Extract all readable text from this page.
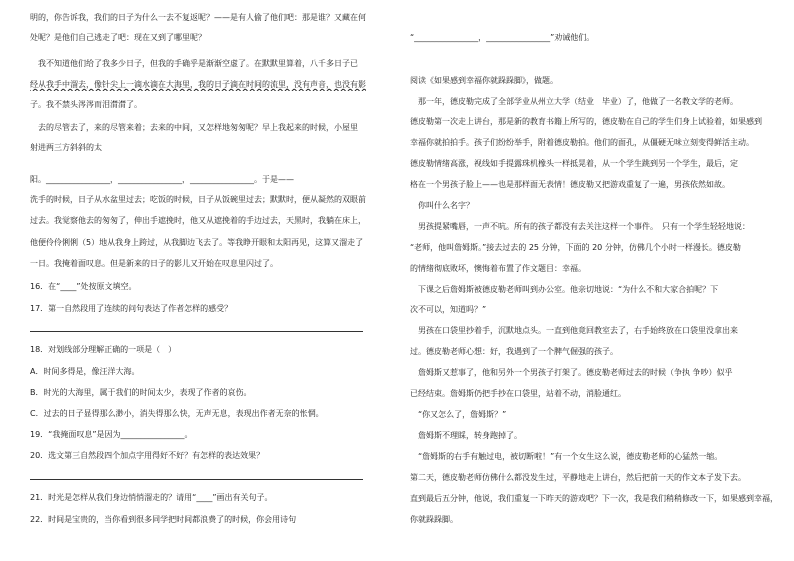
明的，你告诉我，我们的日子为什么一去不复返呢？——是有人偷了他们吧：那是谁？又藏在何
处呢？是他们自己逃走了吧：现在又到了哪里呢？
　我不知道他们给了我多少日子，但我的手确乎是渐渐空虚了。在默默里算着，八千多日子已
经从我手中溜去，像针尖上一滴水滴在大海里，我的日子滴在时间的流里，没有声音，也没有影
子。我不禁头涔涔而泪潸潸了。
　去的尽管去了，来的尽管来着；去来的中间，又怎样地匆匆呢？早上我起来的时候，小屋里
射进两三方斜斜的太
阳。________________，________________，________________。于是——
洗手的时候，日子从水盆里过去；吃饭的时候，日子从饭碗里过去；默默时，便从凝然的双眼前
过去。我觉察他去的匆匆了，伸出手遮挽时，他又从遮挽着的手边过去，天黑时，我躺在床上，
他便伶伶俐俐（5）地从我身上跨过，从我脚边飞去了。等我睁开眼和太阳再见，这算又溜走了
一日。我掩着面叹息。但是新来的日子的影儿又开始在叹息里闪过了。
16．在“____”处按原文填空。
17．第一自然段用了连续的问句表达了作者怎样的感受？
18．对划线部分理解正确的一项是（　）
A．时间多得是，像汪洋大海。
B．时光的大海里，属于我们的时间太少，表现了作者的哀伤。
C．过去的日子显得那么渺小，消失得那么快，无声无息，表现出作者无奈的怅惘。
19．“我掩面叹息”是因为________________。
20．选文第三自然段四个加点字用得好不好？有怎样的表达效果？
21．时光是怎样从我们身边悄悄溜走的？请用“____”画出有关句子。
22．时间是宝贵的，当你看到很多同学把时间都浪费了的时候，你会用诗句
“________________，________________”劝诫他们。
阅读《如果感到幸福你就跺跺脚》，做题。
　那一年，德皮勒完成了全部学业从州立大学（结业　毕业）了，他做了一名教文学的老师。
德皮勒第一次走上讲台，那是新的教育书籍上所写的，德皮勒在自己的学生们身上试验着，如果感到
幸福你就拍拍手。孩子们纷纷举手，附着德皮勒拍。他们的面孔，从僵硬无味立刻变得鲜活主动。
德皮勒情绪高涨，视线如手提露珠机橡头一样抵晃着，从一个学生跳到另一个学生，最后，定
格在一个男孩子脸上——也是那样面无表情！德皮勒又把游戏重复了一遍，男孩依然如故。
　你叫什么名字？
　男孩提紧嘴唇，一声不吭。所有的孩子都没有去关注这样一个事件。　只有一个学生轻轻地说：
“老师，他叫詹姆斯。”接去过去的 25 分钟，下面的 20 分钟，仿佛几个小时一样漫长。德皮勒
的情绪彻底败坏，懊悔着布置了作文题目：幸福。
　下课之后詹姆斯被德皮勒老师叫到办公室。他亲切地说：“为什么不和大家合拍呢？下
次不可以，知道吗？”
　男孩在口袋里抄着手，沉默地点头。一直到他竟回教室去了，右手始终放在口袋里没拿出来
过。德皮勒老师心想：好，我遇到了一个脾气倔强的孩子。
　詹姆斯又惹事了，他和另外一个男孩子打架了。德皮勒老师过去的时候（争执 争吵）似乎
已经结束。詹姆斯仍把手抄在口袋里，站着不动，消脸通红。
　“你又怎么了，詹姆斯？”
　詹姆斯不理睬，转身跑掉了。
　“詹姆斯的右手有触过电，被切断啦！”有一个女生这么说，德皮勒老师的心猛然一缩。
第二天，德皮勒老师仿佛什么都没发生过，平静地走上讲台，然后把前一天的作文本子发下去。
直到最后五分钟，他说，我们重复一下昨天的游戏吧？下一次，我是我们稍稍修改一下，如果感到幸福，
你就跺跺脚。
